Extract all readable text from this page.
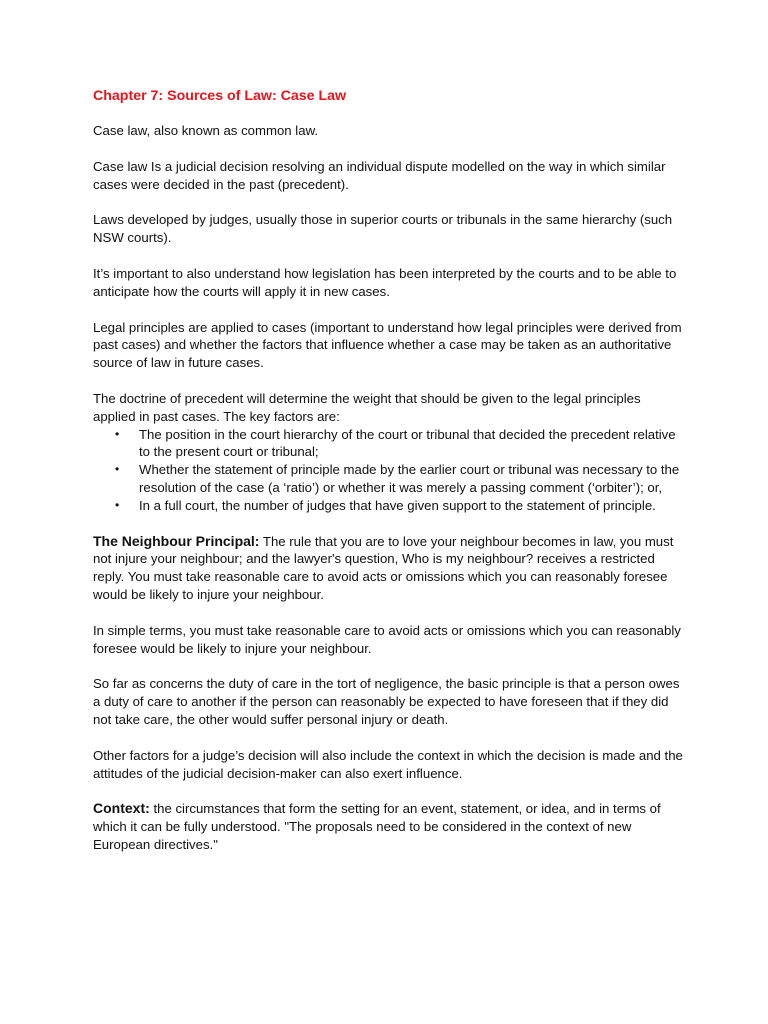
Chapter 7: Sources of Law: Case Law

Case law, also known as common law.

Case law Is a judicial decision resolving an individual dispute modelled on the way in which similar cases were decided in the past (precedent).

Laws developed by judges, usually those in superior courts or tribunals in the same hierarchy (such NSW courts).

It’s important to also understand how legislation has been interpreted by the courts and to be able to anticipate how the courts will apply it in new cases.

Legal principles are applied to cases (important to understand how legal principles were derived from past cases) and whether the factors that influence whether a case may be taken as an authoritative source of law in future cases.

The doctrine of precedent will determine the weight that should be given to the legal principles applied in past cases. The key factors are:

• The position in the court hierarchy of the court or tribunal that decided the precedent relative to the present court or tribunal;
• Whether the statement of principle made by the earlier court or tribunal was necessary to the resolution of the case (a ‘ratio’) or whether it was merely a passing comment (‘orbiter’); or,
• In a full court, the number of judges that have given support to the statement of principle.

The Neighbour Principal: The rule that you are to love your neighbour becomes in law, you must not injure your neighbour; and the lawyer's question, Who is my neighbour? receives a restricted reply. You must take reasonable care to avoid acts or omissions which you can reasonably foresee would be likely to injure your neighbour.

In simple terms, you must take reasonable care to avoid acts or omissions which you can reasonably foresee would be likely to injure your neighbour.

So far as concerns the duty of care in the tort of negligence, the basic principle is that a person owes a duty of care to another if the person can reasonably be expected to have foreseen that if they did not take care, the other would suffer personal injury or death.

Other factors for a judge’s decision will also include the context in which the decision is made and the attitudes of the judicial decision-maker can also exert influence.

Context: the circumstances that form the setting for an event, statement, or idea, and in terms of which it can be fully understood. "The proposals need to be considered in the context of new European directives."
